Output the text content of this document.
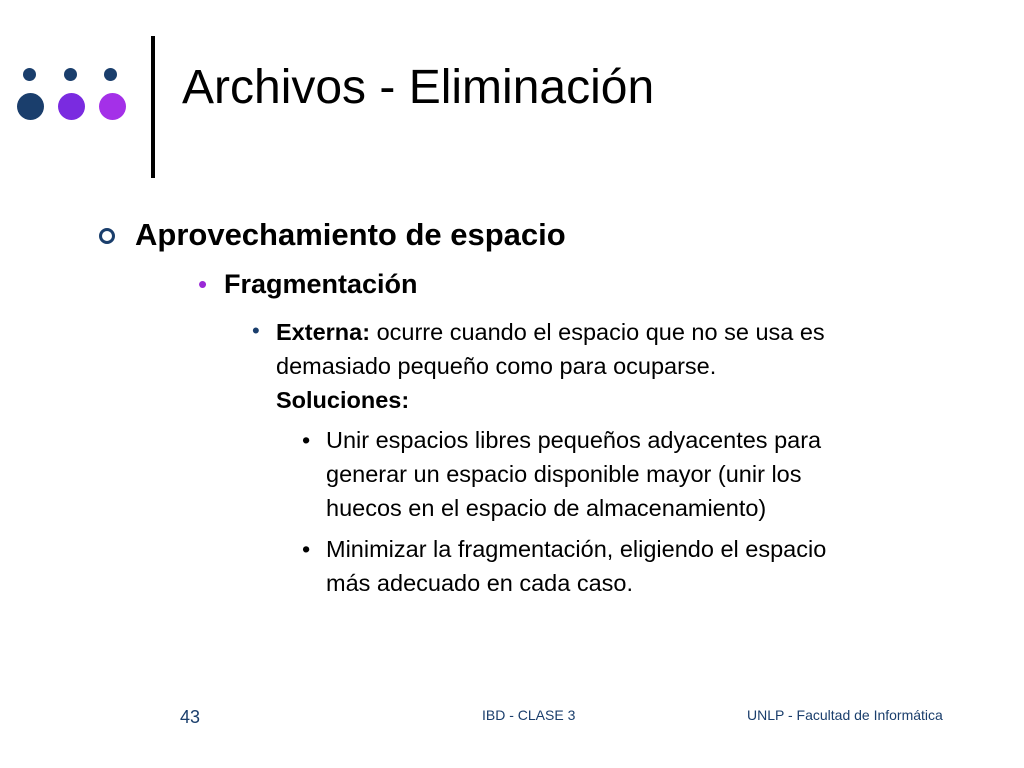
Archivos - Eliminación
Aprovechamiento de espacio
• Fragmentación
• Externa: ocurre cuando el espacio que no se usa es
demasiado pequeño como para ocuparse.
Soluciones:
• Unir espacios libres pequeños adyacentes para
generar un espacio disponible mayor (unir los
huecos en el espacio de almacenamiento)
• Minimizar la fragmentación, eligiendo el espacio
más adecuado en cada caso.
43	IBD - CLASE 3	UNLP - Facultad de Informática
